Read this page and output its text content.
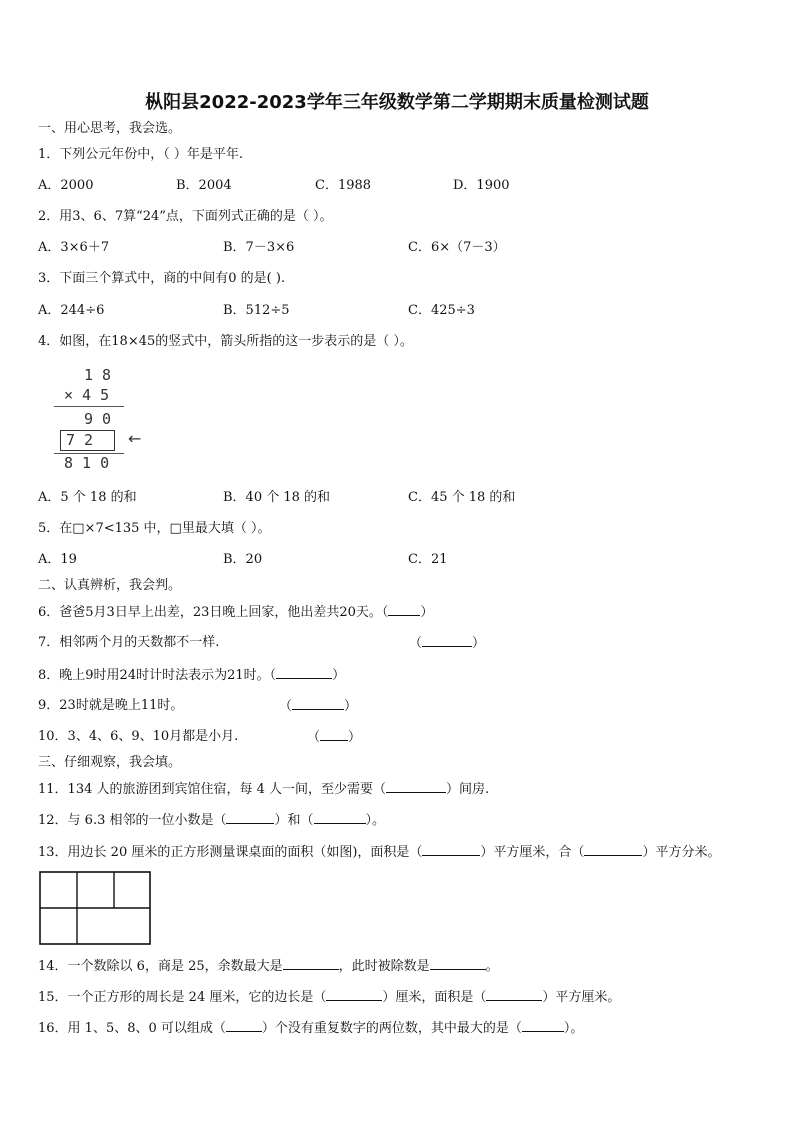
枞阳县2022-2023学年三年级数学第二学期期末质量检测试题
一、用心思考，我会选。
1．下列公元年份中，（ ）年是平年.
A．2000	B．2004	C．1988	D．1900
2．用3、6、7算“24”点，下面列式正确的是（ ）。
A．3×6＋7	B．7－3×6	C．6×（7－3）
3．下面三个算式中，商的中间有0 的是( ).
A．244÷6	B．512÷5	C．425÷3
4．如图，在18×45的竖式中，箭头所指的这一步表示的是（ ）。
1 8
× 4 5
9 0
7 2 ←
8 1 0
A．5 个 18 的和	B．40 个 18 的和	C．45 个 18 的和
5．在□×7<135 中，□里最大填（ ）。
A．19	B．20	C．21
二、认真辨析，我会判。
6．爸爸5月3日早上出差，23日晚上回家，他出差共20天。（ ）
7．相邻两个月的天数都不一样.	（	）
8．晚上9时用24时计时法表示为21时。（	）
9．23时就是晚上11时。	（	）
10．3、4、6、9、10月都是小月.	（ ）
三、仔细观察，我会填。
11．134 人的旅游团到宾馆住宿，每 4 人一间，至少需要（	）间房.
12．与 6.3 相邻的一位小数是（	）和（	）。
13．用边长 20 厘米的正方形测量课桌面的面积（如图)，面积是（	）平方厘米，合（	）平方分米。
14．一个数除以 6，商是 25，余数最大是	，此时被除数是	。
15．一个正方形的周长是 24 厘米，它的边长是（	）厘米，面积是（	）平方厘米。
16．用 1、5、8、0 可以组成（	）个没有重复数字的两位数，其中最大的是（	）。
